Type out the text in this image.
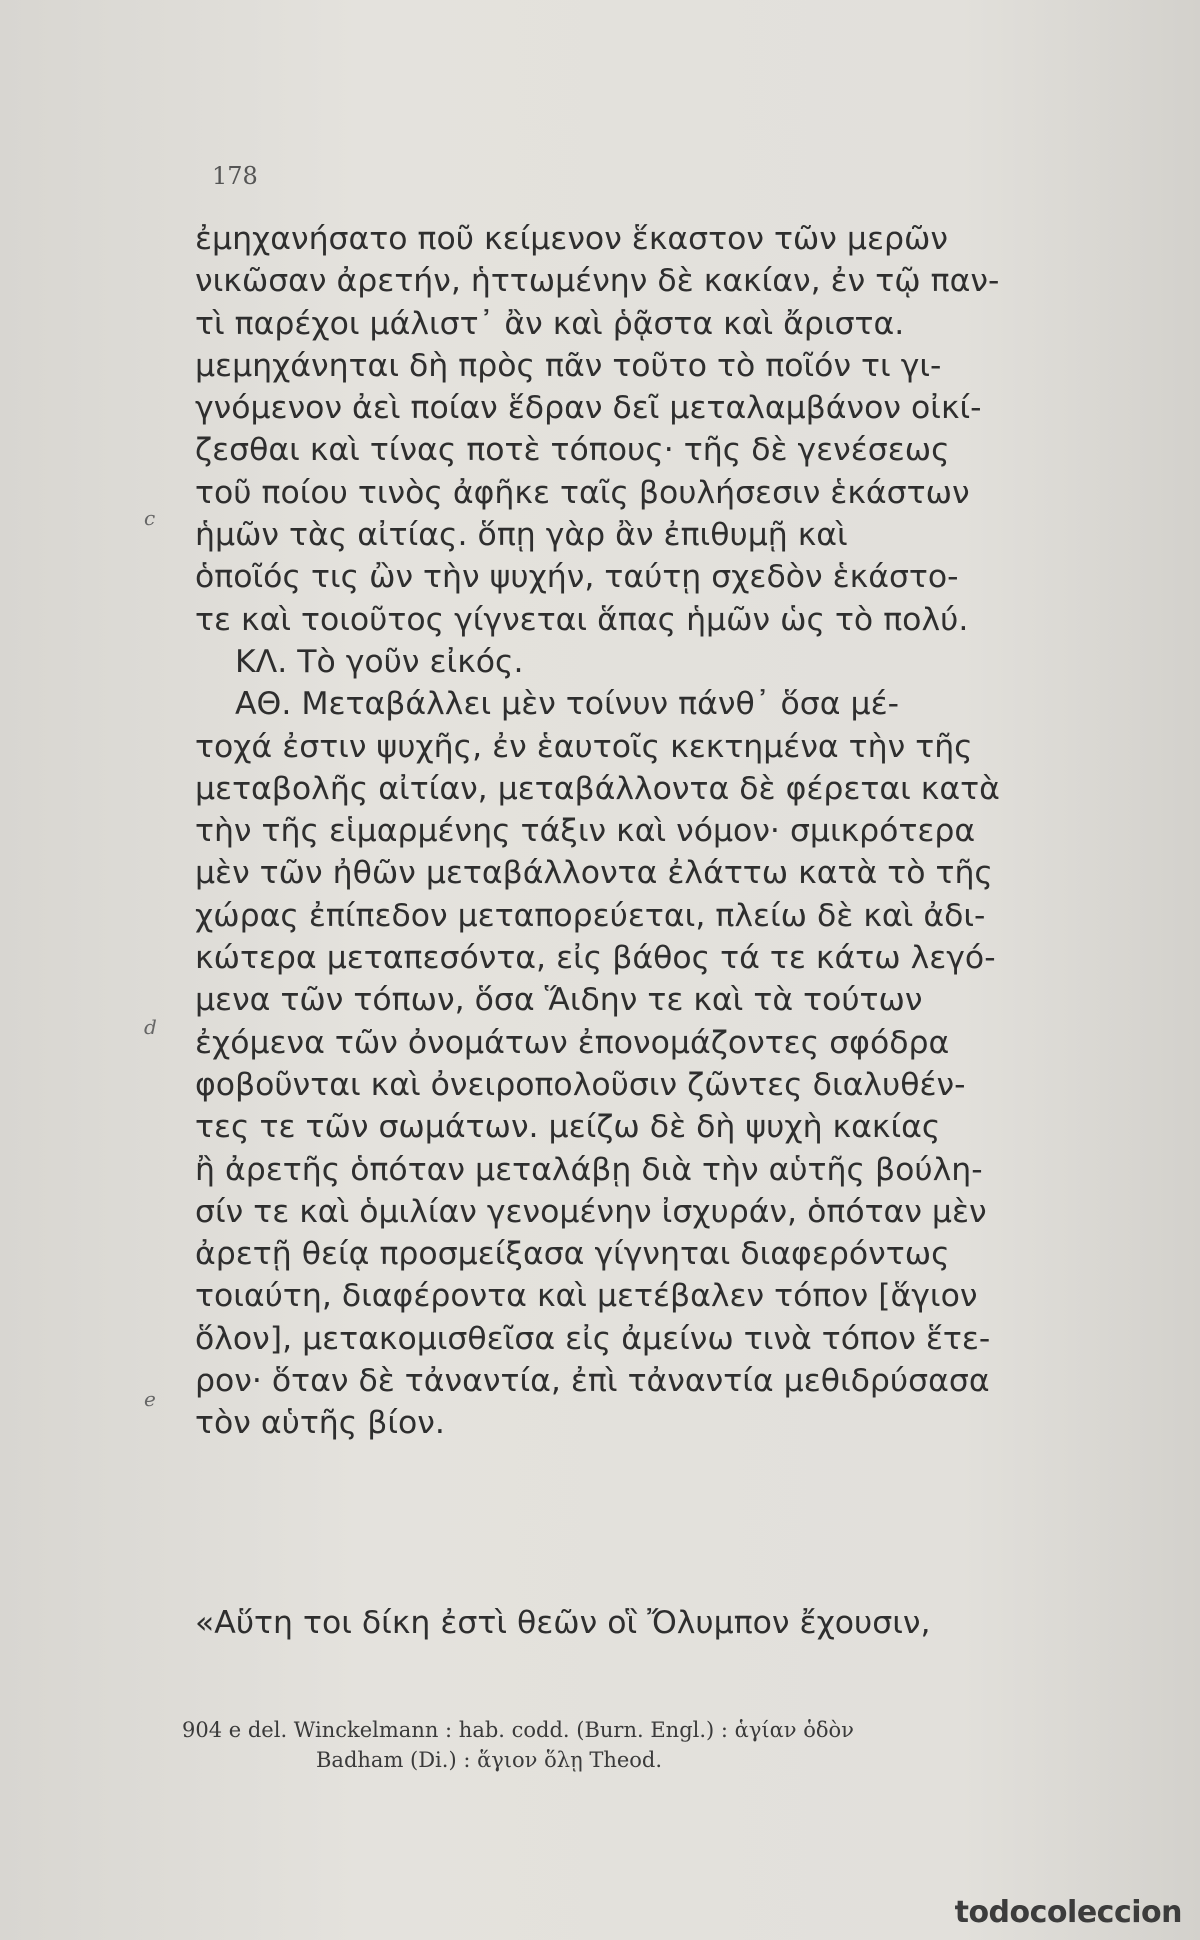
178
c
d
e
ἐμηχανήσατο ποῦ κείμενον ἕκαστον τῶν μερῶν
νικῶσαν ἀρετήν, ἡττωμένην δὲ κακίαν, ἐν τῷ παν-
τὶ παρέχοι μάλιστ᾽ ἂν καὶ ῥᾷστα καὶ ἄριστα.
μεμηχάνηται δὴ πρὸς πᾶν τοῦτο τὸ ποῖόν τι γι-
γνόμενον ἀεὶ ποίαν ἕδραν δεῖ μεταλαμβάνον οἰκί-
ζεσθαι καὶ τίνας ποτὲ τόπους· τῆς δὲ γενέσεως
τοῦ ποίου τινὸς ἀφῆκε ταῖς βουλήσεσιν ἑκάστων
ἡμῶν τὰς αἰτίας. ὅπῃ γὰρ ἂν ἐπιθυμῇ καὶ
ὁποῖός τις ὢν τὴν ψυχήν, ταύτῃ σχεδὸν ἑκάστο-
τε καὶ τοιοῦτος γίγνεται ἅπας ἡμῶν ὡς τὸ πολύ.
ΚΛ. Τὸ γοῦν εἰκός.
ΑΘ. Μεταβάλλει μὲν τοίνυν πάνθ᾽ ὅσα μέ-
τοχά ἐστιν ψυχῆς, ἐν ἑαυτοῖς κεκτημένα τὴν τῆς
μεταβολῆς αἰτίαν, μεταβάλλοντα δὲ φέρεται κατὰ
τὴν τῆς εἱμαρμένης τάξιν καὶ νόμον· σμικρότερα
μὲν τῶν ἠθῶν μεταβάλλοντα ἐλάττω κατὰ τὸ τῆς
χώρας ἐπίπεδον μεταπορεύεται, πλείω δὲ καὶ ἀδι-
κώτερα μεταπεσόντα, εἰς βάθος τά τε κάτω λεγό-
μενα τῶν τόπων, ὅσα Ἅιδην τε καὶ τὰ τούτων
ἐχόμενα τῶν ὀνομάτων ἐπονομάζοντες σφόδρα
φοβοῦνται καὶ ὀνειροπολοῦσιν ζῶντες διαλυθέν-
τες τε τῶν σωμάτων. μείζω δὲ δὴ ψυχὴ κακίας
ἢ ἀρετῆς ὁπόταν μεταλάβῃ διὰ τὴν αὑτῆς βούλη-
σίν τε καὶ ὁμιλίαν γενομένην ἰσχυράν, ὁπόταν μὲν
ἀρετῇ θείᾳ προσμείξασα γίγνηται διαφερόντως
τοιαύτη, διαφέροντα καὶ μετέβαλεν τόπον [ἅγιον
ὅλον], μετακομισθεῖσα εἰς ἀμείνω τινὰ τόπον ἕτε-
ρον· ὅταν δὲ τἀναντία, ἐπὶ τἀναντία μεθιδρύσασα
τὸν αὑτῆς βίον.
«Αὕτη τοι δίκη ἐστὶ θεῶν οἳ Ὄλυμπον ἔχουσιν,
904 e del. Winckelmann : hab. codd. (Burn. Engl.) : ἁγίαν ὁδὸν
Badham (Di.) : ἅγιον ὅλῃ Theod.
todocoleccion
